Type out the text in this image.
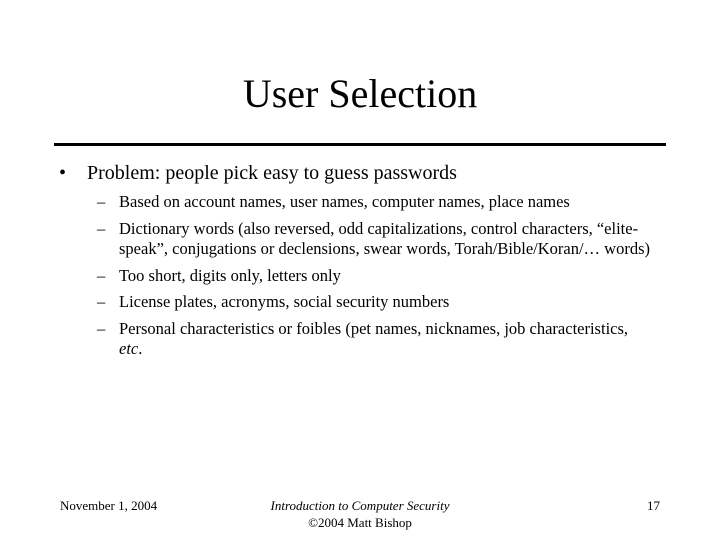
User Selection
• Problem: people pick easy to guess passwords
– Based on account names, user names, computer names, place names
– Dictionary words (also reversed, odd capitalizations, control characters, “elite-speak”, conjugations or declensions, swear words, Torah/Bible/Koran/… words)
– Too short, digits only, letters only
– License plates, acronyms, social security numbers
– Personal characteristics or foibles (pet names, nicknames, job characteristics, etc.
November 1, 2004	Introduction to Computer Security
©2004 Matt Bishop
17
